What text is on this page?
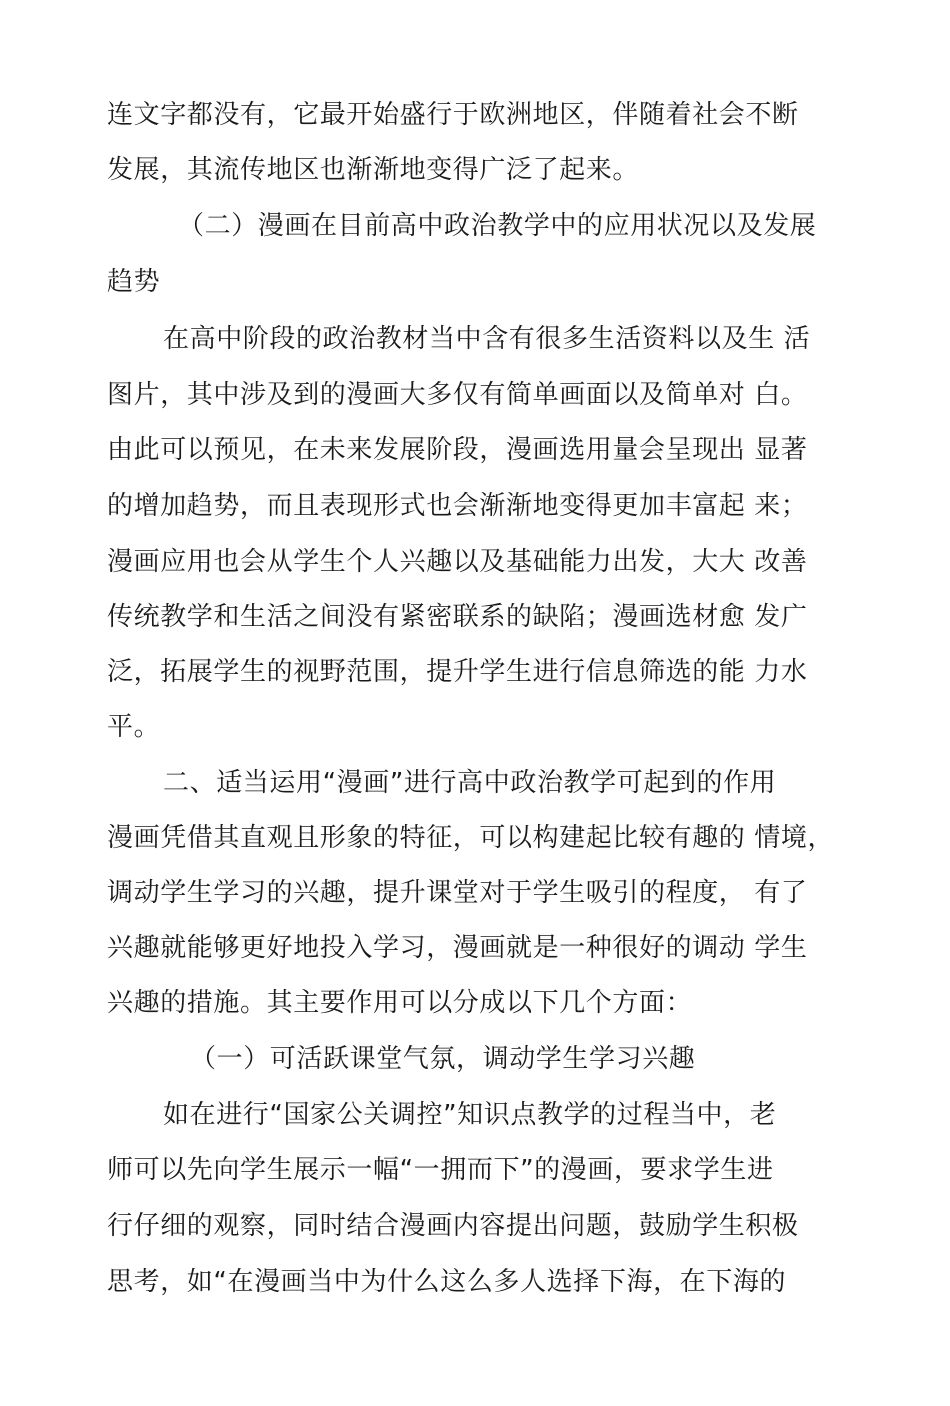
连文字都没有，它最开始盛行于欧洲地区，伴随着社会不断
发展，其流传地区也渐渐地变得广泛了起来。
（二）漫画在目前高中政治教学中的应用状况以及发展
趋势
在高中阶段的政治教材当中含有很多生活资料以及生 活
图片，其中涉及到的漫画大多仅有简单画面以及简单对 白。
由此可以预见，在未来发展阶段，漫画选用量会呈现出 显著
的增加趋势，而且表现形式也会渐渐地变得更加丰富起 来；
漫画应用也会从学生个人兴趣以及基础能力出发，大大 改善
传统教学和生活之间没有紧密联系的缺陷；漫画选材愈 发广
泛，拓展学生的视野范围，提升学生进行信息筛选的能 力水
平。
二、适当运用“漫画”进行高中政治教学可起到的作用
漫画凭借其直观且形象的特征，可以构建起比较有趣的 情境，
调动学生学习的兴趣，提升课堂对于学生吸引的程度， 有了
兴趣就能够更好地投入学习，漫画就是一种很好的调动 学生
兴趣的措施。其主要作用可以分成以下几个方面：
（一）可活跃课堂气氛，调动学生学习兴趣
如在进行“国家公关调控”知识点教学的过程当中，老
师可以先向学生展示一幅“一拥而下”的漫画，要求学生进
行仔细的观察，同时结合漫画内容提出问题，鼓励学生积极
思考，如“在漫画当中为什么这么多人选择下海，在下海的
